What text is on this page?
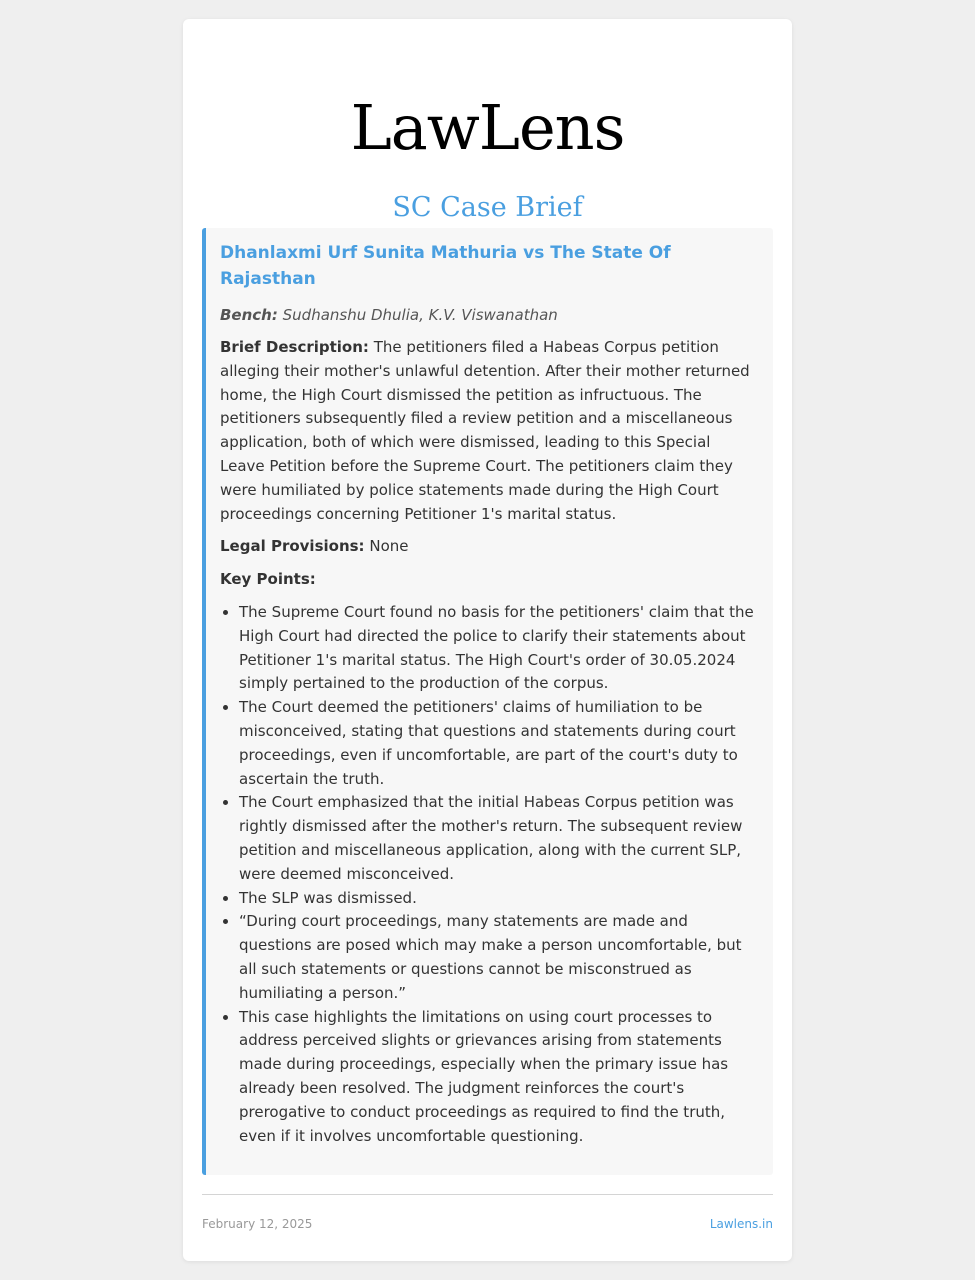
LawLens
SC Case Brief
Dhanlaxmi Urf Sunita Mathuria vs The State Of Rajasthan
Bench: Sudhanshu Dhulia, K.V. Viswanathan
Brief Description: The petitioners filed a Habeas Corpus petition alleging their mother's unlawful detention. After their mother returned home, the High Court dismissed the petition as infructuous. The petitioners subsequently filed a review petition and a miscellaneous application, both of which were dismissed, leading to this Special Leave Petition before the Supreme Court. The petitioners claim they were humiliated by police statements made during the High Court proceedings concerning Petitioner 1's marital status.
Legal Provisions: None
Key Points:
• The Supreme Court found no basis for the petitioners' claim that the High Court had directed the police to clarify their statements about Petitioner 1's marital status. The High Court's order of 30.05.2024 simply pertained to the production of the corpus.
• The Court deemed the petitioners' claims of humiliation to be misconceived, stating that questions and statements during court proceedings, even if uncomfortable, are part of the court's duty to ascertain the truth.
• The Court emphasized that the initial Habeas Corpus petition was rightly dismissed after the mother's return. The subsequent review petition and miscellaneous application, along with the current SLP, were deemed misconceived.
• The SLP was dismissed.
• “During court proceedings, many statements are made and questions are posed which may make a person uncomfortable, but all such statements or questions cannot be misconstrued as humiliating a person.”
• This case highlights the limitations on using court processes to address perceived slights or grievances arising from statements made during proceedings, especially when the primary issue has already been resolved. The judgment reinforces the court's prerogative to conduct proceedings as required to find the truth, even if it involves uncomfortable questioning.
February 12, 2025	Lawlens.in
